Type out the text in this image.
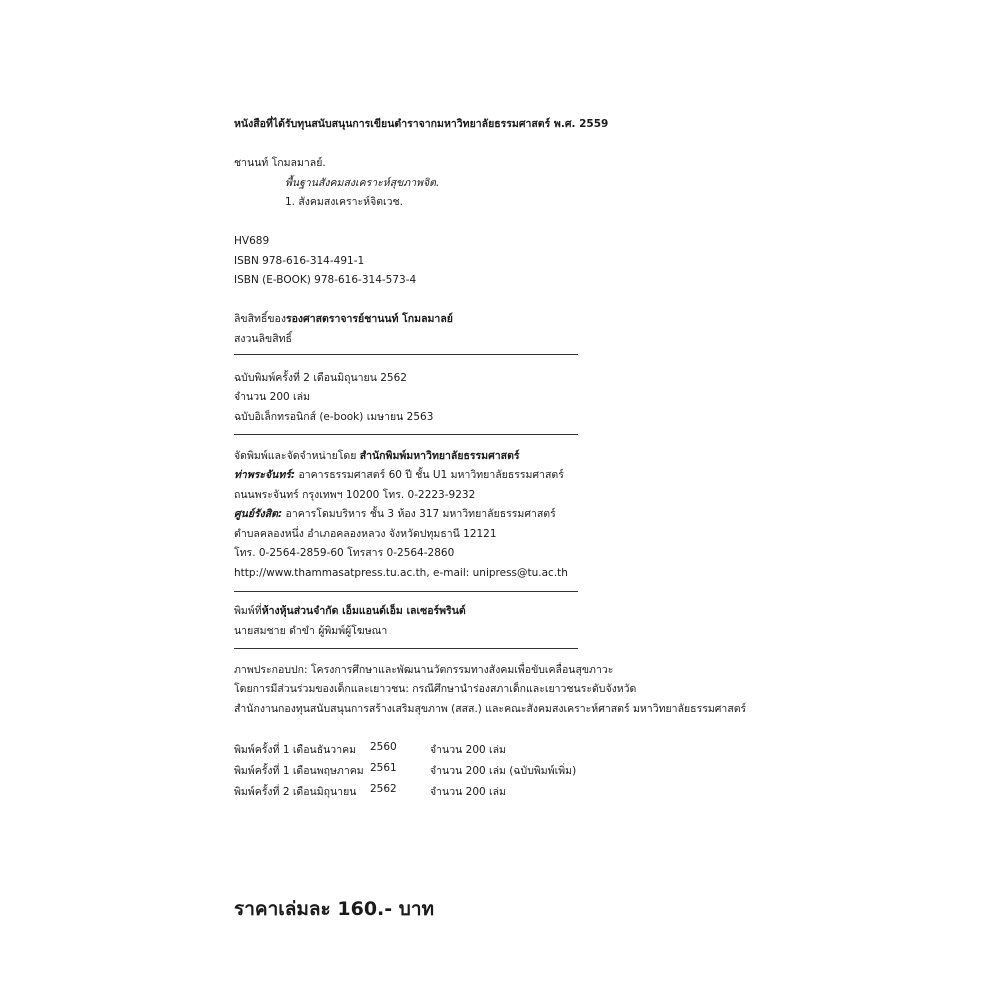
หนังสือที่ได้รับทุนสนับสนุนการเขียนตำราจากมหาวิทยาลัยธรรมศาสตร์ พ.ศ. 2559
ชานนท์ โกมลมาลย์.
พื้นฐานสังคมสงเคราะห์สุขภาพจิต.
1. สังคมสงเคราะห์จิตเวช.
HV689
ISBN 978-616-314-491-1
ISBN (E-BOOK) 978-616-314-573-4
ลิขสิทธิ์ของรองศาสตราจารย์ชานนท์ โกมลมาลย์
สงวนลิขสิทธิ์
ฉบับพิมพ์ครั้งที่ 2 เดือนมิถุนายน 2562
จำนวน 200 เล่ม
ฉบับอิเล็กทรอนิกส์ (e-book) เมษายน 2563
จัดพิมพ์และจัดจำหน่ายโดย สำนักพิมพ์มหาวิทยาลัยธรรมศาสตร์
ท่าพระจันทร์: อาคารธรรมศาสตร์ 60 ปี ชั้น U1 มหาวิทยาลัยธรรมศาสตร์
ถนนพระจันทร์ กรุงเทพฯ 10200 โทร. 0-2223-9232
ศูนย์รังสิต: อาคารโดมบริหาร ชั้น 3 ห้อง 317 มหาวิทยาลัยธรรมศาสตร์
ตำบลคลองหนึ่ง อำเภอคลองหลวง จังหวัดปทุมธานี 12121
โทร. 0-2564-2859-60 โทรสาร 0-2564-2860
http://www.thammasatpress.tu.ac.th, e-mail: unipress@tu.ac.th
พิมพ์ที่ห้างหุ้นส่วนจำกัด เอ็มแอนด์เอ็ม เลเซอร์พรินต์
นายสมชาย ดำขำ ผู้พิมพ์ผู้โฆษณา
ภาพประกอบปก: โครงการศึกษาและพัฒนานวัตกรรมทางสังคมเพื่อขับเคลื่อนสุขภาวะ
โดยการมีส่วนร่วมของเด็กและเยาวชน: กรณีศึกษานำร่องสภาเด็กและเยาวชนระดับจังหวัด
สำนักงานกองทุนสนับสนุนการสร้างเสริมสุขภาพ (สสส.) และคณะสังคมสงเคราะห์ศาสตร์ มหาวิทยาลัยธรรมศาสตร์
พิมพ์ครั้งที่ 1 เดือนธันวาคม	2560	จำนวน 200 เล่ม
พิมพ์ครั้งที่ 1 เดือนพฤษภาคม	2561	จำนวน 200 เล่ม (ฉบับพิมพ์เพิ่ม)
พิมพ์ครั้งที่ 2 เดือนมิถุนายน	2562	จำนวน 200 เล่ม
ราคาเล่มละ 160.- บาท
